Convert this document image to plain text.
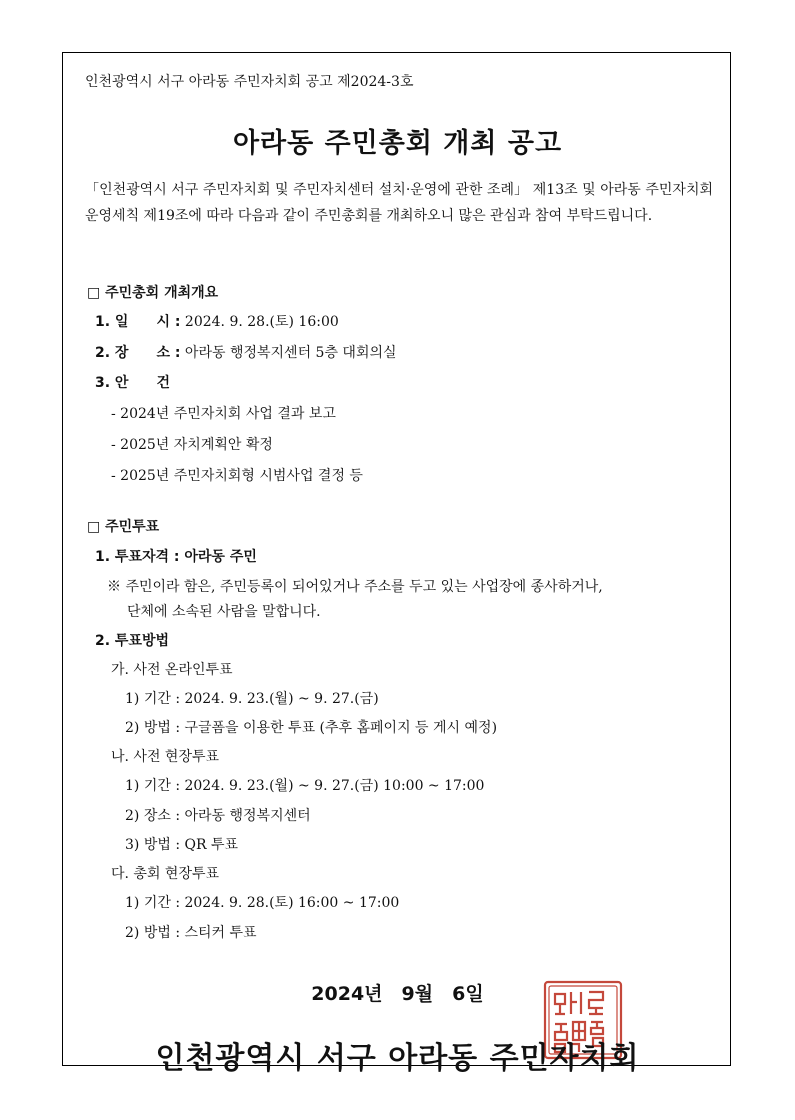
인천광역시 서구 아라동 주민자치회 공고 제2024-3호
아라동 주민총회 개최 공고
「인천광역시 서구 주민자치회 및 주민자치센터 설치·운영에 관한 조례」 제13조 및 아라동 주민자치회 운영세칙 제19조에 따라 다음과 같이 주민총회를 개최하오니 많은 관심과 참여 부탁드립니다.
□ 주민총회 개최개요
1. 일　　시 : 2024. 9. 28.(토) 16:00
2. 장　　소 : 아라동 행정복지센터 5층 대회의실
3. 안　　건
- 2024년 주민자치회 사업 결과 보고
- 2025년 자치계획안 확정
- 2025년 주민자치회형 시범사업 결정 등
□ 주민투표
1. 투표자격 : 아라동 주민
※ 주민이라 함은, 주민등록이 되어있거나 주소를 두고 있는 사업장에 종사하거나,
단체에 소속된 사람을 말합니다.
2. 투표방법
가. 사전 온라인투표
1) 기간 : 2024. 9. 23.(월) ~ 9. 27.(금)
2) 방법 : 구글폼을 이용한 투표 (추후 홈페이지 등 게시 예정)
나. 사전 현장투표
1) 기간 : 2024. 9. 23.(월) ~ 9. 27.(금) 10:00 ~ 17:00
2) 장소 : 아라동 행정복지센터
3) 방법 : QR 투표
다. 총회 현장투표
1) 기간 : 2024. 9. 28.(토) 16:00 ~ 17:00
2) 방법 : 스티커 투표
2024년　9월　6일
인천광역시 서구 아라동 주민자치회
